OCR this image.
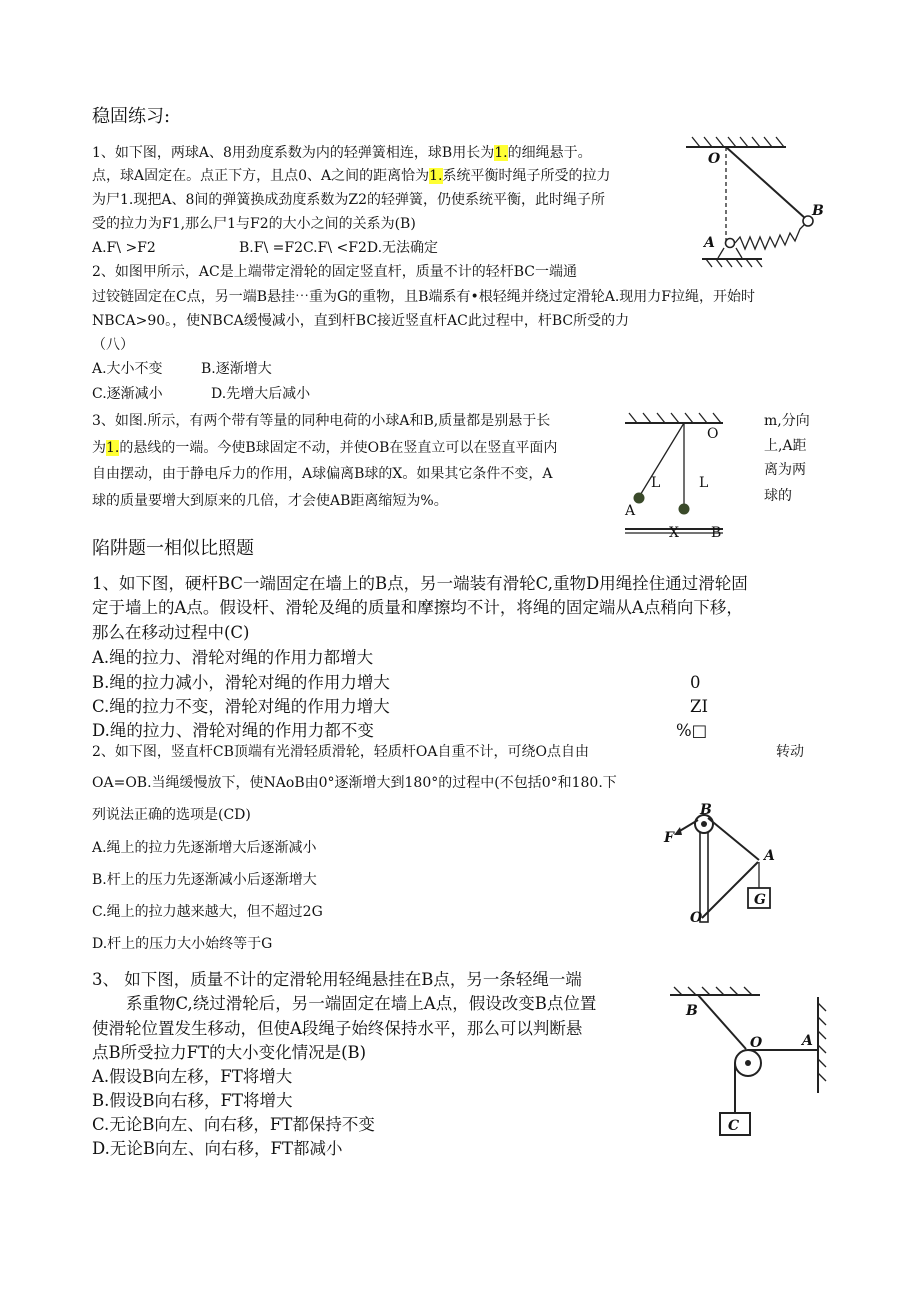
稳固练习:
1、如下图，两球A、8用劲度系数为内的轻弹簧相连，球B用长为1.的细绳悬于。
点，球A固定在。点正下方，且点0、A之间的距离恰为1.系统平衡时绳子所受的拉力
为尸1.现把A、8间的弹簧换成劲度系数为Z2的轻弹簧，仍使系统平衡，此时绳子所
受的拉力为F1,那么尸1与F2的大小之间的关系为(B)
A.F\ >F2	B.F\ =F2C.F\ <F2D.无法确定
O
A
B
2、如图甲所示，AC是上端带定滑轮的固定竖直杆，质量不计的轻杆BC一端通
过铰链固定在C点，另一端B悬挂⋯重为G的重物，且B端系有•根轻绳并绕过定滑轮A.现用力F拉绳，开始时
NBCA>90。，使NBCA缓慢减小，直到杆BC接近竖直杆AC此过程中，杆BC所受的力
（八）
A.大小不变	B.逐渐增大
C.逐渐减小	D.先增大后减小
3、如图.所示，有两个带有等量的同种电荷的小球A和B,质量都是别悬于长
为1.的悬线的一端。今使B球固定不动，并使OB在竖直立可以在竖直平面内
自由摆动，由于静电斥力的作用，A球偏离B球的X。如果其它条件不变，A
球的质量要增大到原来的几倍，才会使AB距离缩短为%。
m,分向
上,A距
离为两
球的
O
L	L
A
X B
陷阱题一相似比照题
1、如下图，硬杆BC一端固定在墙上的B点，另一端装有滑轮C,重物D用绳拴住通过滑轮固
定于墙上的A点。假设杆、滑轮及绳的质量和摩擦均不计，将绳的固定端从A点稍向下移，
那么在移动过程中(C)
A.绳的拉力、滑轮对绳的作用力都增大
B.绳的拉力减小，滑轮对绳的作用力增大
C.绳的拉力不变，滑轮对绳的作用力增大
D.绳的拉力、滑轮对绳的作用力都不变
0
ZI
%□
2、如下图，竖直杆CB顶端有光滑轻质滑轮，轻质杆OA自重不计，可绕O点自由	转动
OA=OB.当绳缓慢放下，使NAoB由0°逐渐增大到180°的过程中(不包括0°和180.下
列说法正确的选项是(CD)
A.绳上的拉力先逐渐增大后逐渐减小
B.杆上的压力先逐渐减小后逐渐增大
C.绳上的拉力越来越大，但不超过2G
D.杆上的压力大小始终等于G
B
F
A
O
G
3、 如下图，质量不计的定滑轮用轻绳悬挂在B点，另一条轻绳一端
系重物C,绕过滑轮后，另一端固定在墙上A点，假设改变B点位置
使滑轮位置发生移动，但使A段绳子始终保持水平，那么可以判断悬
点B所受拉力FT的大小变化情况是(B)
A.假设B向左移，FT将增大
B.假设B向右移，FT将增大
C.无论B向左、向右移，FT都保持不变
D.无论B向左、向右移，FT都减小
B
O	A
C
